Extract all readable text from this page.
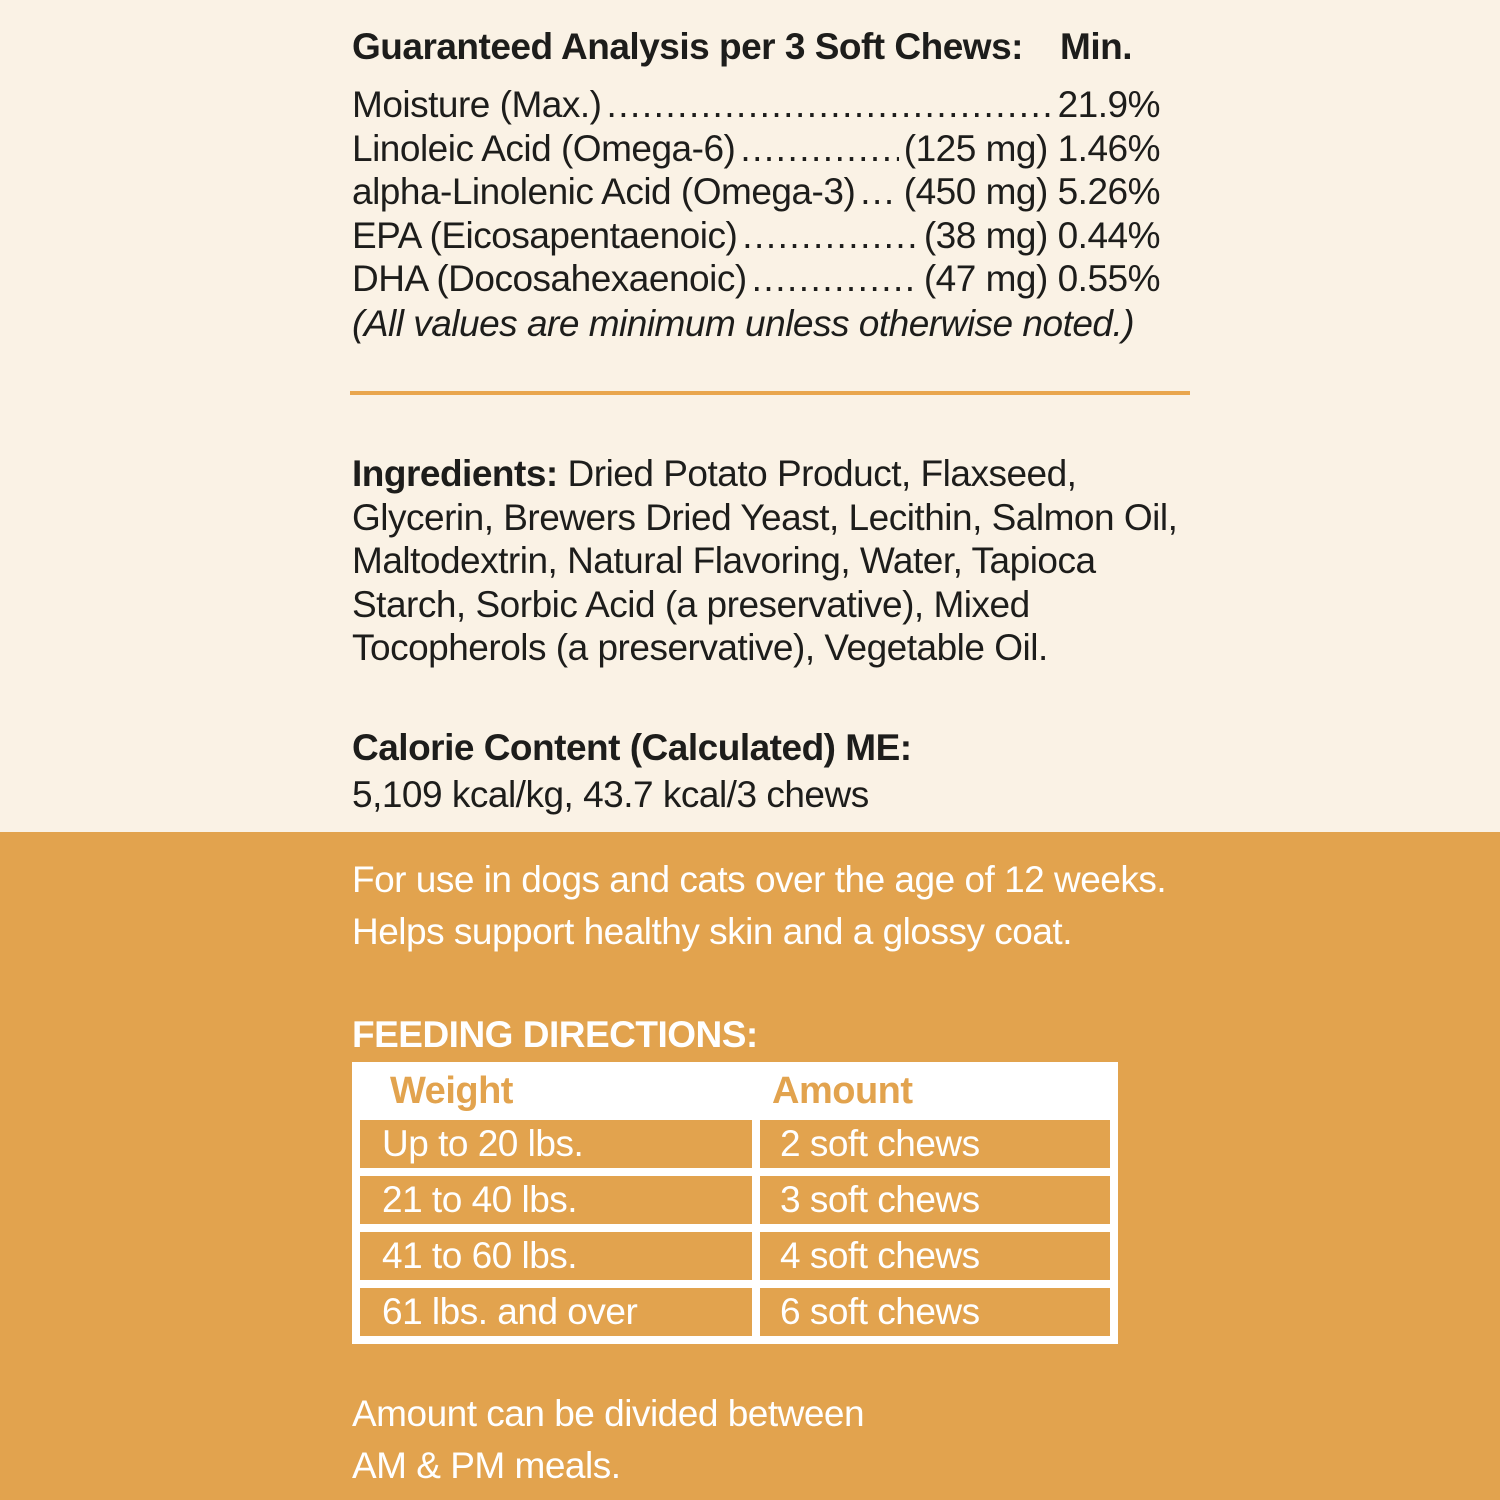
Guaranteed Analysis per 3 Soft Chews: Min.
Moisture (Max.) .....	21.9%
Linoleic Acid (Omega-6) .....	(125 mg) 1.46%
alpha-Linolenic Acid (Omega-3) ..... (450 mg) 5.26%
EPA (Eicosapentaenoic) .....	(38 mg) 0.44%
DHA (Docosahexaenoic) .....	(47 mg) 0.55%
(All values are minimum unless otherwise noted.)

Ingredients: Dried Potato Product, Flaxseed, Glycerin, Brewers Dried Yeast, Lecithin, Salmon Oil, Maltodextrin, Natural Flavoring, Water, Tapioca Starch, Sorbic Acid (a preservative), Mixed Tocopherols (a preservative), Vegetable Oil.

Calorie Content (Calculated) ME:
5,109 kcal/kg, 43.7 kcal/3 chews
For use in dogs and cats over the age of 12 weeks.
Helps support healthy skin and a glossy coat.
FEEDING DIRECTIONS:
Weight	Amount
Up to 20 lbs.	2 soft chews
21 to 40 lbs.	3 soft chews
41 to 60 lbs.	4 soft chews
61 lbs. and over	6 soft chews
Amount can be divided between
AM & PM meals.
